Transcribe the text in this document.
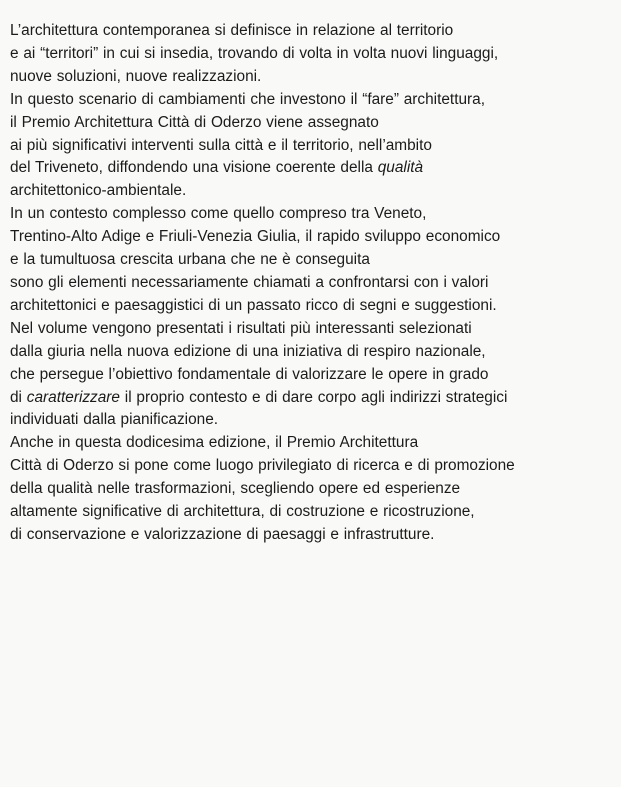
L’architettura contemporanea si definisce in relazione al territorio
e ai “territori” in cui si insedia, trovando di volta in volta nuovi linguaggi,
nuove soluzioni, nuove realizzazioni.
In questo scenario di cambiamenti che investono il “fare” architettura,
il Premio Architettura Città di Oderzo viene assegnato
ai più significativi interventi sulla città e il territorio, nell’ambito
del Triveneto, diffondendo una visione coerente della qualità
architettonico-ambientale.
In un contesto complesso come quello compreso tra Veneto,
Trentino-Alto Adige e Friuli-Venezia Giulia, il rapido sviluppo economico
e la tumultuosa crescita urbana che ne è conseguita
sono gli elementi necessariamente chiamati a confrontarsi con i valori
architettonici e paesaggistici di un passato ricco di segni e suggestioni.
Nel volume vengono presentati i risultati più interessanti selezionati
dalla giuria nella nuova edizione di una iniziativa di respiro nazionale,
che persegue l’obiettivo fondamentale di valorizzare le opere in grado
di caratterizzare il proprio contesto e di dare corpo agli indirizzi strategici
individuati dalla pianificazione.
Anche in questa dodicesima edizione, il Premio Architettura
Città di Oderzo si pone come luogo privilegiato di ricerca e di promozione
della qualità nelle trasformazioni, scegliendo opere ed esperienze
altamente significative di architettura, di costruzione e ricostruzione,
di conservazione e valorizzazione di paesaggi e infrastrutture.
